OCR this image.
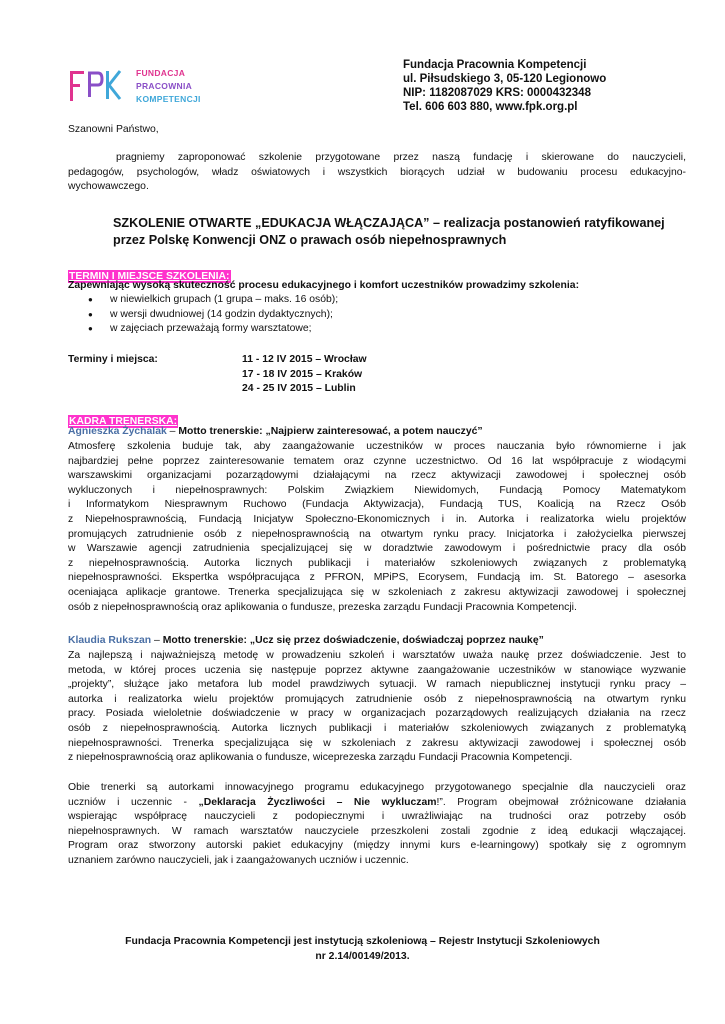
FUNDACJA
PRACOWNIA
KOMPETENCJI
Fundacja Pracownia Kompetencji
ul. Piłsudskiego 3, 05-120 Legionowo
NIP: 1182087029 KRS: 0000432348
Tel. 606 603 880, www.fpk.org.pl
Szanowni Państwo,
pragniemy zaproponować szkolenie przygotowane przez naszą fundację i skierowane do nauczycieli,
pedagogów, psychologów, władz oświatowych i wszystkich biorących udział w budowaniu procesu edukacyjno-
wychowawczego.
SZKOLENIE OTWARTE „EDUKACJA WŁĄCZAJĄCA” – realizacja postanowień ratyfikowanej
przez Polskę Konwencji ONZ o prawach osób niepełnosprawnych
TERMIN I MIEJSCE SZKOLENIA:
Zapewniając wysoką skuteczność procesu edukacyjnego i komfort uczestników prowadzimy szkolenia:
● w niewielkich grupach (1 grupa – maks. 16 osób);
● w wersji dwudniowej (14 godzin dydaktycznych);
● w zajęciach przeważają formy warsztatowe;
Terminy i miejsca:	11 - 12 IV 2015 – Wrocław
17 - 18 IV 2015 – Kraków
24 - 25 IV 2015 – Lublin
KADRA TRENERSKA:
Agnieszka Żychalak – Motto trenerskie: „Najpierw zainteresować, a potem nauczyć”
Atmosferę szkolenia buduje tak, aby zaangażowanie uczestników w proces nauczania było równomierne i jak
najbardziej pełne poprzez zainteresowanie tematem oraz czynne uczestnictwo. Od 16 lat współpracuje z wiodącymi
warszawskimi organizacjami pozarządowymi działającymi na rzecz aktywizacji zawodowej i społecznej osób
wykluczonych i niepełnosprawnych: Polskim Związkiem Niewidomych, Fundacją Pomocy Matematykom
i Informatykom Niesprawnym Ruchowo (Fundacja Aktywizacja), Fundacją TUS, Koalicją na Rzecz Osób
z Niepełnosprawnością, Fundacją Inicjatyw Społeczno-Ekonomicznych i in. Autorka i realizatorka wielu projektów
promujących zatrudnienie osób z niepełnosprawnością na otwartym rynku pracy. Inicjatorka i założycielka pierwszej
w Warszawie agencji zatrudnienia specjalizującej się w doradztwie zawodowym i pośrednictwie pracy dla osób
z niepełnosprawnością. Autorka licznych publikacji i materiałów szkoleniowych związanych z problematyką
niepełnosprawności. Ekspertka współpracująca z PFRON, MPiPS, Ecorysem, Fundacją im. St. Batorego – asesorka
oceniająca aplikacje grantowe. Trenerka specjalizująca się w szkoleniach z zakresu aktywizacji zawodowej i społecznej
osób z niepełnosprawnością oraz aplikowania o fundusze, prezeska zarządu Fundacji Pracownia Kompetencji.
Klaudia Rukszan – Motto trenerskie: „Ucz się przez doświadczenie, doświadczaj poprzez naukę”
Za najlepszą i najważniejszą metodę w prowadzeniu szkoleń i warsztatów uważa naukę przez doświadczenie. Jest to
metoda, w której proces uczenia się następuje poprzez aktywne zaangażowanie uczestników w stanowiące wyzwanie
„projekty”, służące jako metafora lub model prawdziwych sytuacji. W ramach niepublicznej instytucji rynku pracy –
autorka i realizatorka wielu projektów promujących zatrudnienie osób z niepełnosprawnością na otwartym rynku
pracy. Posiada wieloletnie doświadczenie w pracy w organizacjach pozarządowych realizujących działania na rzecz
osób z niepełnosprawnością. Autorka licznych publikacji i materiałów szkoleniowych związanych z problematyką
niepełnosprawności. Trenerka specjalizująca się w szkoleniach z zakresu aktywizacji zawodowej i społecznej osób
z niepełnosprawnością oraz aplikowania o fundusze, wiceprezeska zarządu Fundacji Pracownia Kompetencji.
Obie trenerki są autorkami innowacyjnego programu edukacyjnego przygotowanego specjalnie dla nauczycieli oraz
uczniów i uczennic - „Deklaracja Życzliwości – Nie wykluczam!”. Program obejmował zróżnicowane działania
wspierając współpracę nauczycieli z podopiecznymi i uwrażliwiając na trudności oraz potrzeby osób
niepełnosprawnych. W ramach warsztatów nauczyciele przeszkoleni zostali zgodnie z ideą edukacji włączającej.
Program oraz stworzony autorski pakiet edukacyjny (między innymi kurs e-learningowy) spotkały się z ogromnym
uznaniem zarówno nauczycieli, jak i zaangażowanych uczniów i uczennic.
Fundacja Pracownia Kompetencji jest instytucją szkoleniową – Rejestr Instytucji Szkoleniowych
nr 2.14/00149/2013.
